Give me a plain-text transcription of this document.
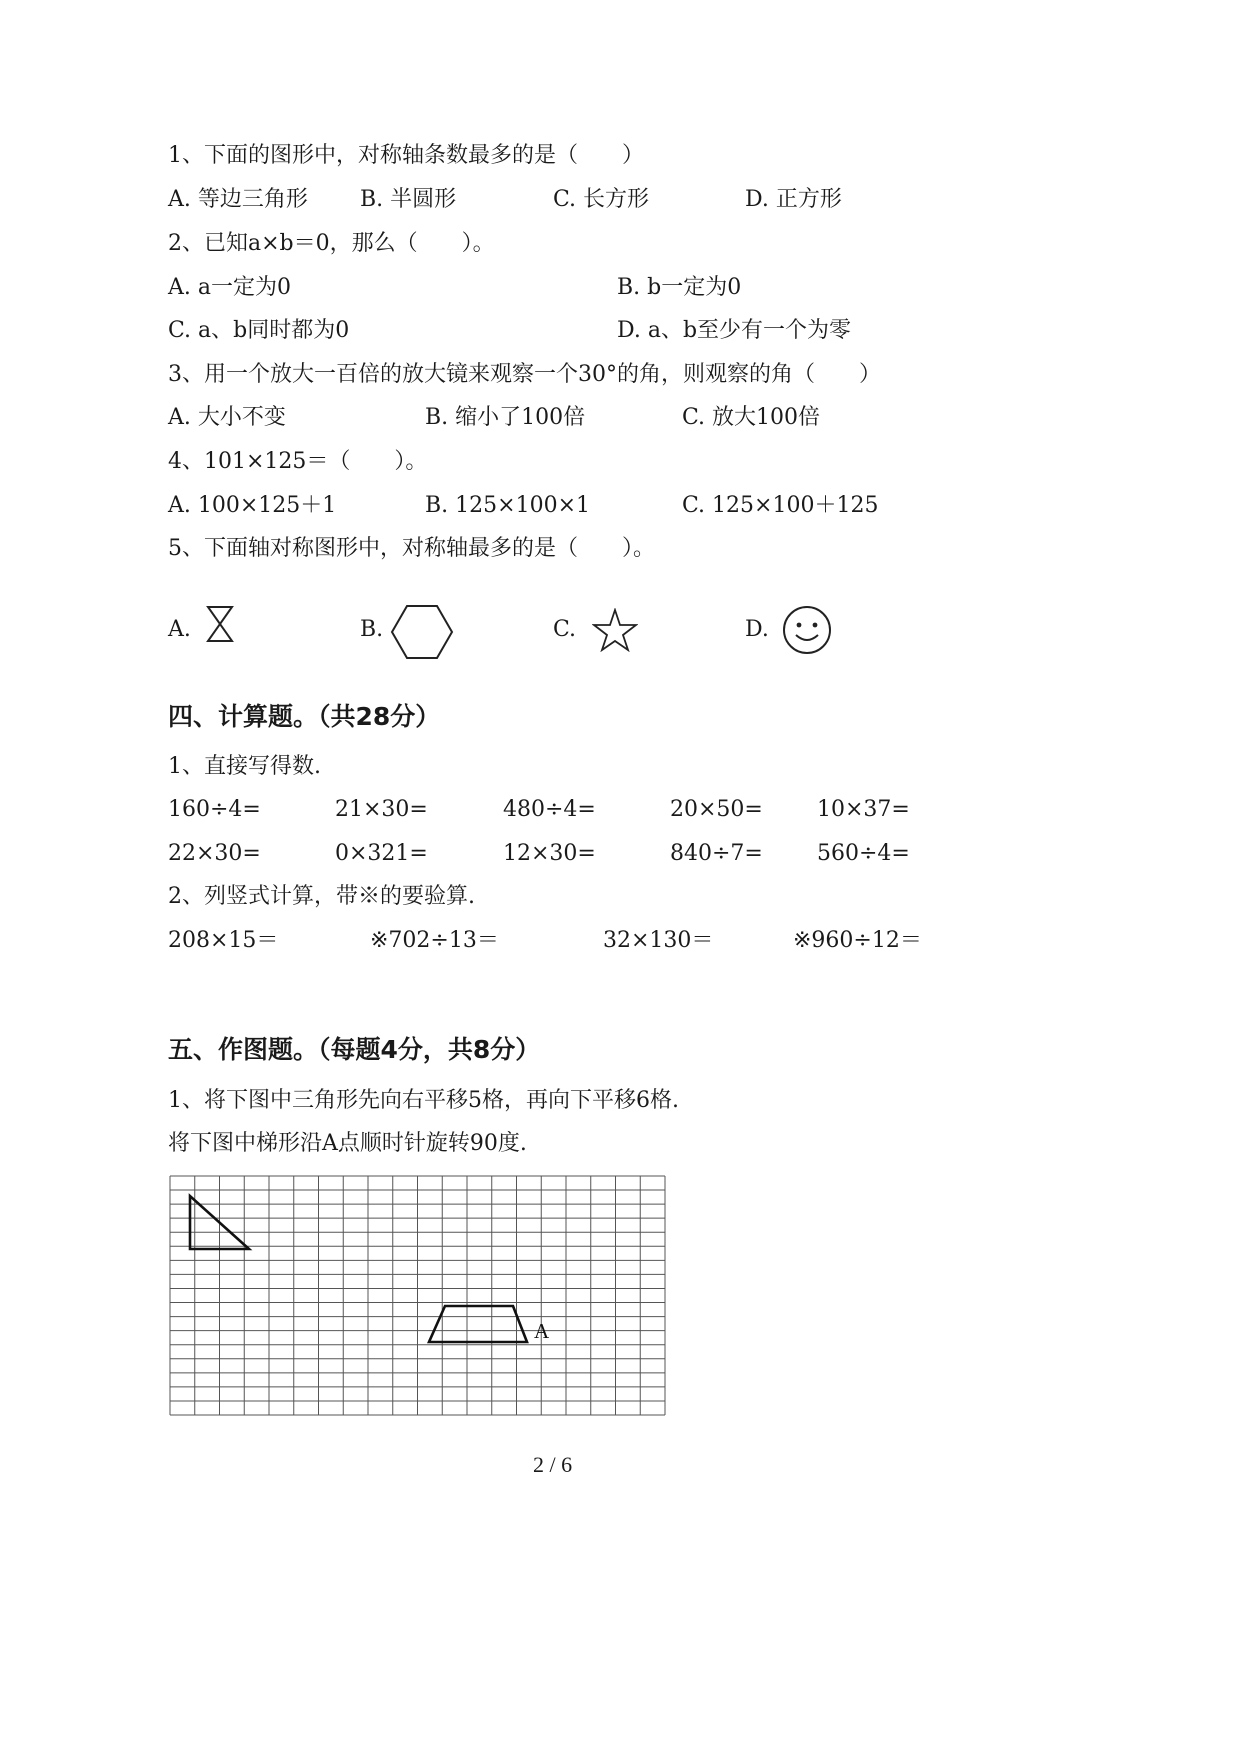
1、下面的图形中，对称轴条数最多的是（　　）
A. 等边三角形 B. 半圆形	C. 长方形	D. 正方形
2、已知a×b＝0，那么（　　）。
A. a一定为0	B. b一定为0
C. a、b同时都为0	D. a、b至少有一个为零
3、用一个放大一百倍的放大镜来观察一个30°的角，则观察的角（　　）
A. 大小不变	B. 缩小了100倍	C. 放大100倍
4、101×125＝（　　）。
A. 100×125＋1	B. 125×100×1	C. 125×100＋125
5、下面轴对称图形中，对称轴最多的是（　　）。
A.	B.	C.	D.
四、计算题。（共28分）
1、直接写得数.
160÷4=	21×30=	480÷4=	20×50= 10×37=
22×30=	0×321=	12×30=	840÷7= 560÷4=
2、列竖式计算，带※的要验算.
208×15＝	※702÷13＝	32×130＝	※960÷12＝
五、作图题。（每题4分，共8分）
1、将下图中三角形先向右平移5格，再向下平移6格.
将下图中梯形沿A点顺时针旋转90度.
A
2 / 6
